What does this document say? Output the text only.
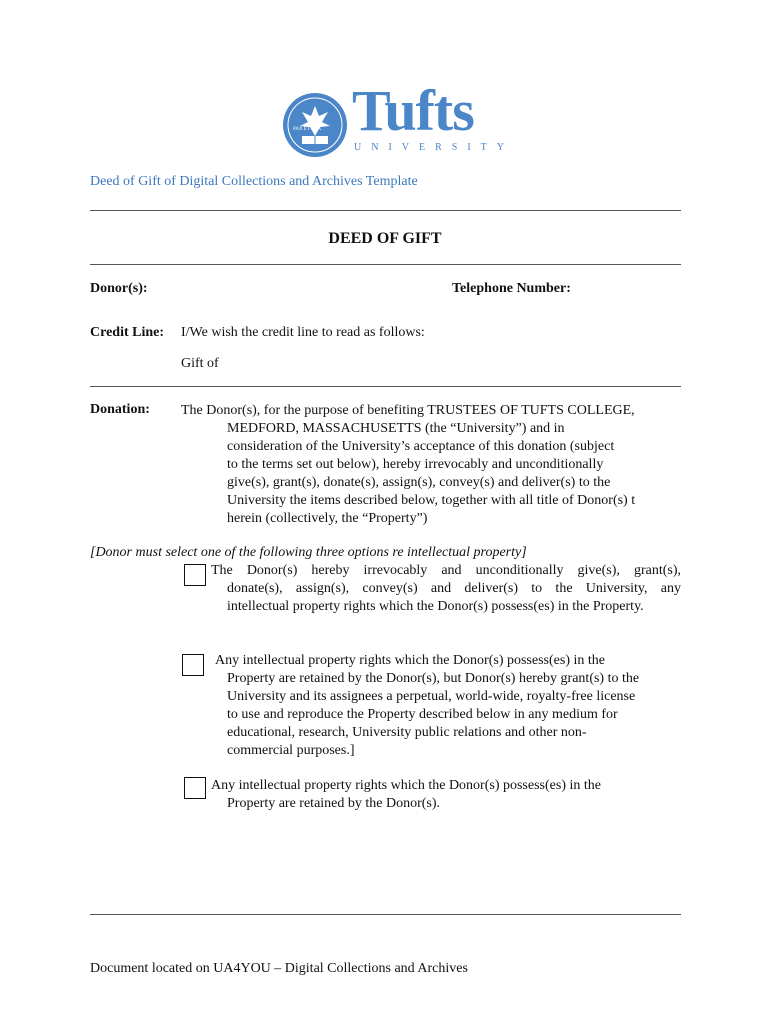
PAX ET LUX Tufts
UNIVERSITY
Deed of Gift of Digital Collections and Archives Template
DEED OF GIFT
Donor(s):	Telephone Number:
Credit Line: I/We wish the credit line to read as follows:
Gift of
Donation: The Donor(s), for the purpose of benefiting TRUSTEES OF TUFTS COLLEGE,
MEDFORD, MASSACHUSETTS (the “University”) and in
consideration of the University’s acceptance of this donation (subject
to the terms set out below), hereby irrevocably and unconditionally
give(s), grant(s), donate(s), assign(s), convey(s) and deliver(s) to the
University the items described below, together with all title of Donor(s) t
herein (collectively, the “Property”)
[Donor must select one of the following three options re intellectual property]
The Donor(s) hereby irrevocably and unconditionally give(s), grant(s),
donate(s), assign(s), convey(s) and deliver(s) to the University, any
intellectual property rights which the Donor(s) possess(es) in the Property.
Any intellectual property rights which the Donor(s) possess(es) in the
Property are retained by the Donor(s), but Donor(s) hereby grant(s) to the
University and its assignees a perpetual, world-wide, royalty-free license
to use and reproduce the Property described below in any medium for
educational, research, University public relations and other non-
commercial purposes.]
Any intellectual property rights which the Donor(s) possess(es) in the
Property are retained by the Donor(s).
Document located on UA4YOU – Digital Collections and Archives
